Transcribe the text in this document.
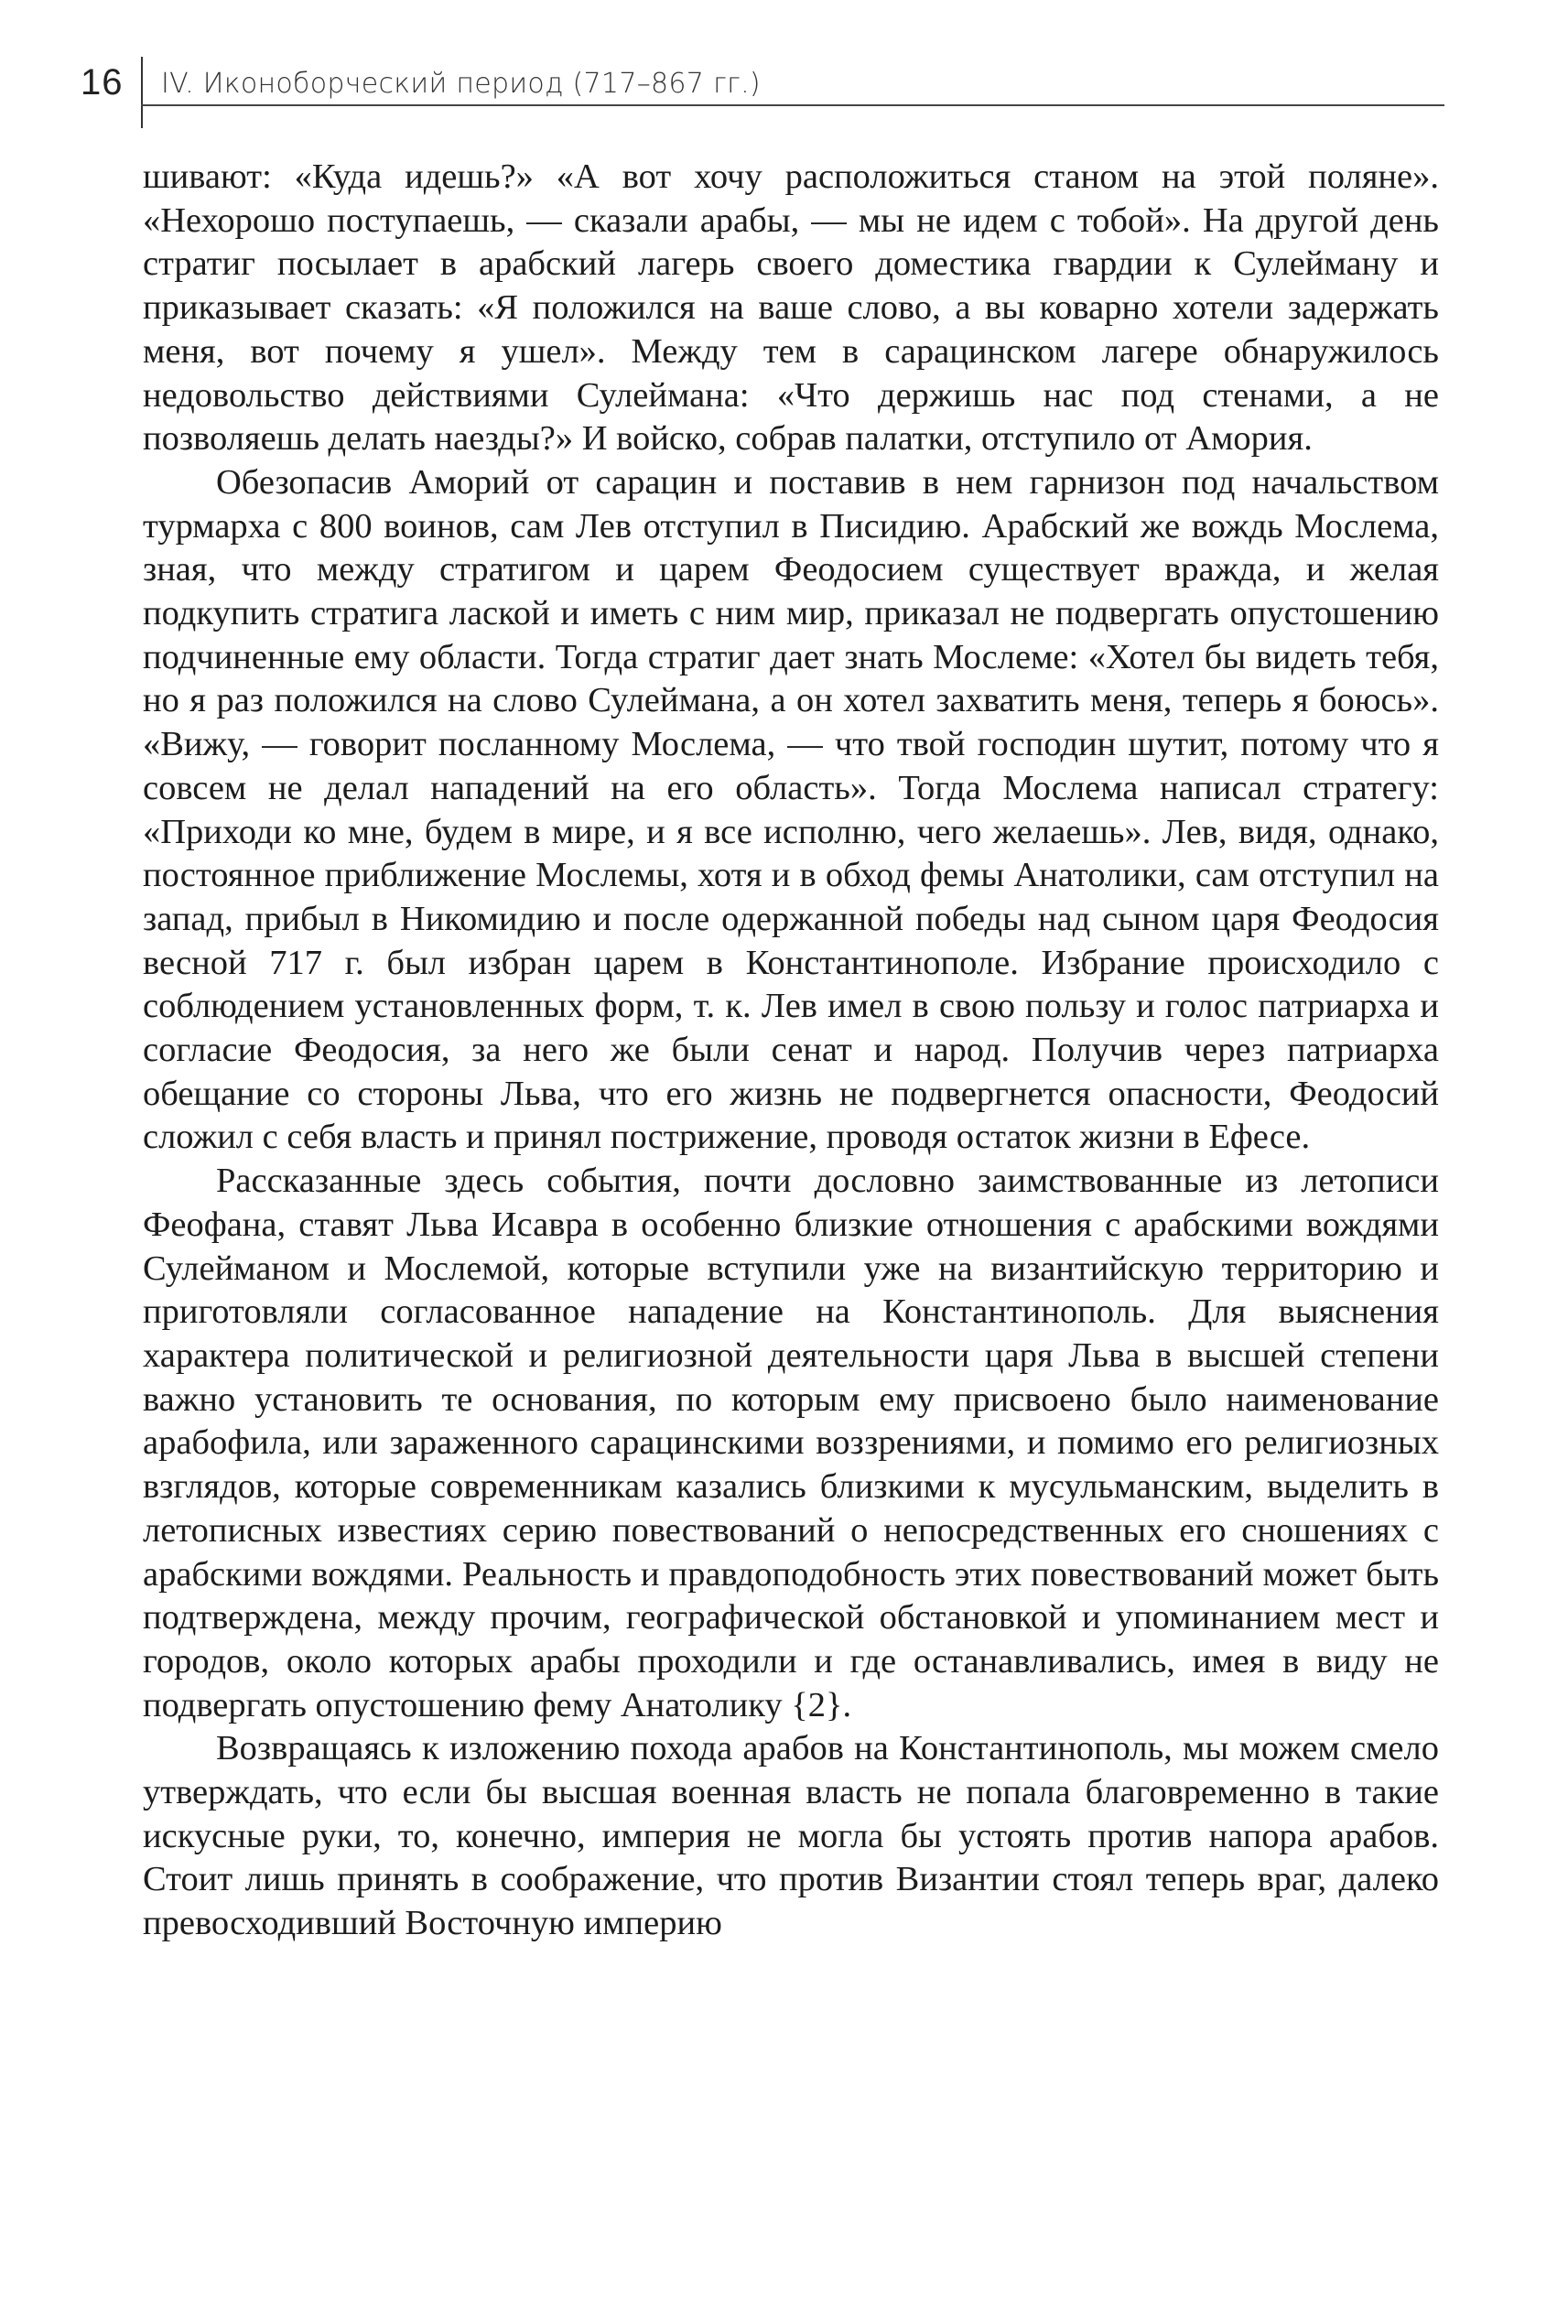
16 IV. Иконоборческий период (717–867 гг.)

шивают: «Куда идешь?» «А вот хочу расположиться станом на этой поляне». «Нехорошо поступаешь, — сказали арабы, — мы не идем с тобой». На другой день стратиг посылает в арабский лагерь своего доместика гвардии к Сулейману и приказывает сказать: «Я положился на ваше слово, а вы коварно хотели задержать меня, вот почему я ушел». Между тем в сарацинском лагере обнаружилось недовольство действиями Сулеймана: «Что держишь нас под стенами, а не позволяешь делать наезды?» И войско, собрав палатки, отступило от Амория.

Обезопасив Аморий от сарацин и поставив в нем гарнизон под начальством турмарха с 800 воинов, сам Лев отступил в Писидию. Арабский же вождь Мослема, зная, что между стратигом и царем Феодосием существует вражда, и желая подкупить стратига лаской и иметь с ним мир, приказал не подвергать опустошению подчиненные ему области. Тогда стратиг дает знать Мослеме: «Хотел бы видеть тебя, но я раз положился на слово Сулеймана, а он хотел захватить меня, теперь я боюсь». «Вижу, — говорит посланному Мослема, — что твой господин шутит, потому что я совсем не делал нападений на его область». Тогда Мослема написал стратегу: «Приходи ко мне, будем в мире, и я все исполню, чего желаешь». Лев, видя, однако, постоянное приближение Мослемы, хотя и в обход фемы Анатолики, сам отступил на запад, прибыл в Никомидию и после одержанной победы над сыном царя Феодосия весной 717 г. был избран царем в Константинополе. Избрание происходило с соблюдением установленных форм, т. к. Лев имел в свою пользу и голос патриарха и согласие Феодосия, за него же были сенат и народ. Получив через патриарха обещание со стороны Льва, что его жизнь не подвергнется опасности, Феодосий сложил с себя власть и принял пострижение, проводя остаток жизни в Ефесе.

Рассказанные здесь события, почти дословно заимствованные из летописи Феофана, ставят Льва Исавра в особенно близкие отношения с арабскими вождями Сулейманом и Мослемой, которые вступили уже на византийскую территорию и приготовляли согласованное нападение на Константинополь. Для выяснения характера политической и религиозной деятельности царя Льва в высшей степени важно установить те основания, по которым ему присвоено было наименование арабофила, или зараженного сарацинскими воззрениями, и помимо его религиозных взглядов, которые современникам казались близкими к мусульманским, выделить в летописных известиях серию повествований о непосредственных его сношениях с арабскими вождями. Реальность и правдоподобность этих повествований может быть подтверждена, между прочим, географической обстановкой и упоминанием мест и городов, около которых арабы проходили и где останавливались, имея в виду не подвергать опустошению фему Анатолику {2}.

Возвращаясь к изложению похода арабов на Константинополь, мы можем смело утверждать, что если бы высшая военная власть не попала благовременно в такие искусные руки, то, конечно, империя не могла бы устоять против напора арабов. Стоит лишь принять в соображение, что против Византии стоял теперь враг, далеко превосходивший Восточную империю
